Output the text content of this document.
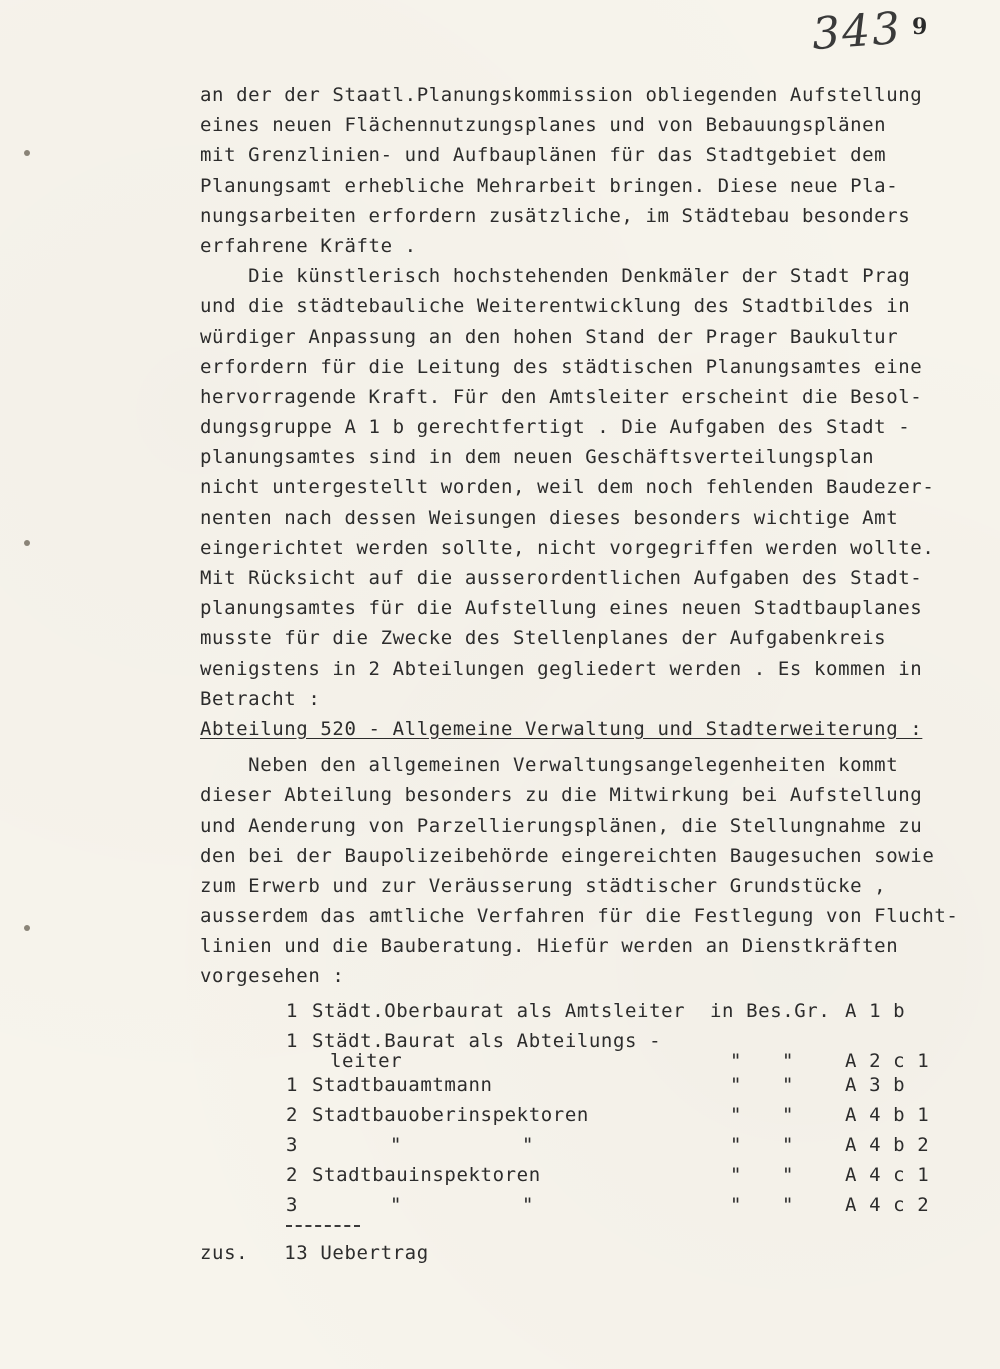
343 9
an der der Staatl.Planungskommission obliegenden Aufstellung
eines neuen Flächennutzungsplanes und von Bebauungsplänen
mit Grenzlinien- und Aufbauplänen für das Stadtgebiet dem
Planungsamt erhebliche Mehrarbeit bringen. Diese neue Pla-
nungsarbeiten erfordern zusätzliche, im Städtebau besonders
erfahrene Kräfte .
Die künstlerisch hochstehenden Denkmäler der Stadt Prag
und die städtebauliche Weiterentwicklung des Stadtbildes in
würdiger Anpassung an den hohen Stand der Prager Baukultur
erfordern für die Leitung des städtischen Planungsamtes eine
hervorragende Kraft. Für den Amtsleiter erscheint die Besol-
dungsgruppe A 1 b gerechtfertigt . Die Aufgaben des Stadt -
planungsamtes sind in dem neuen Geschäftsverteilungsplan
nicht untergestellt worden, weil dem noch fehlenden Baudezer-
nenten nach dessen Weisungen dieses besonders wichtige Amt
eingerichtet werden sollte, nicht vorgegriffen werden wollte.
Mit Rücksicht auf die ausserordentlichen Aufgaben des Stadt-
planungsamtes für die Aufstellung eines neuen Stadtbauplanes
musste für die Zwecke des Stellenplanes der Aufgabenkreis
wenigstens in 2 Abteilungen gegliedert werden . Es kommen in
Betracht :
Abteilung 520 - Allgemeine Verwaltung und Stadterweiterung :
Neben den allgemeinen Verwaltungsangelegenheiten kommt
dieser Abteilung besonders zu die Mitwirkung bei Aufstellung
und Aenderung von Parzellierungsplänen, die Stellungnahme zu
den bei der Baupolizeibehörde eingereichten Baugesuchen sowie
zum Erwerb und zur Veräusserung städtischer Grundstücke ,
ausserdem das amtliche Verfahren für die Festlegung von Flucht-
linien und die Bauberatung. Hiefür werden an Dienstkräften
vorgesehen :
1 Städt.Oberbaurat als Amtsleiter in Bes.Gr. A 1 b
1 Städt.Baurat als Abteilungs -
leiter	" "	A 2 c 1
1 Stadtbauamtmann	" "	A 3 b
2 Stadtbauoberinspektoren	" "	A 4 b 1
3	"	"	" "	A 4 b 2
2 Stadtbauinspektoren	" "	A 4 c 1
3	"	"	" "	A 4 c 2
zus.   13 Uebertrag
